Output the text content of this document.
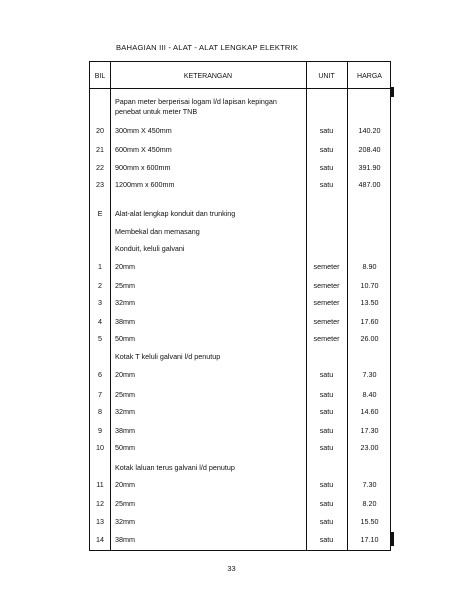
BAHAGIAN III - ALAT - ALAT LENGKAP ELEKTRIK
BIL	KETERANGAN	UNIT	HARGA
Papan meter berperisai logam l/d lapisan kepingan penebat untuk meter TNB
20	300mm X 450mm	satu	140.20
21	600mm X 450mm	satu	208.40
22	900mm x 600mm	satu	391.90
23	1200mm x 600mm	satu	487.00
E	Alat-alat lengkap konduit dan trunking
Membekal dan memasang
Konduit, keluli galvani
1	20mm	semeter	8.90
2	25mm	semeter	10.70
3	32mm	semeter	13.50
4	38mm	semeter	17.60
5	50mm	semeter	26.00
Kotak T keluli galvani l/d penutup
6	20mm	satu	7.30
7	25mm	satu	8.40
8	32mm	satu	14.60
9	38mm	satu	17.30
10	50mm	satu	23.00
Kotak laluan terus galvani l/d penutup
11	20mm	satu	7.30
12	25mm	satu	8.20
13	32mm	satu	15.50
14	38mm	satu	17.10
33
